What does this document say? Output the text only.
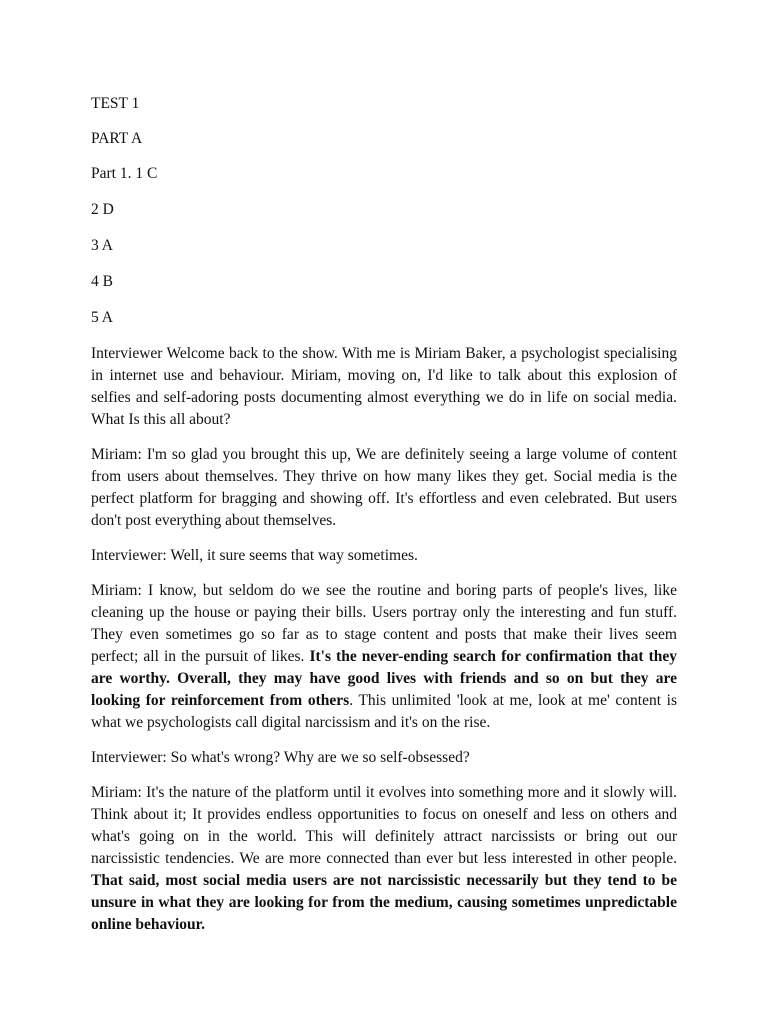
TEST 1

PART A

Part 1. 1 C

2 D

3 A

4 B

5 A

Interviewer Welcome back to the show. With me is Miriam Baker, a psychologist specialising in internet use and behaviour. Miriam, moving on, I'd like to talk about this explosion of selfies and self-adoring posts documenting almost everything we do in life on social media. What Is this all about?

Miriam: I'm so glad you brought this up, We are definitely seeing a large volume of content from users about themselves. They thrive on how many likes they get. Social media is the perfect platform for bragging and showing off. It's effortless and even celebrated. But users don't post everything about themselves.

Interviewer: Well, it sure seems that way sometimes.

Miriam: I know, but seldom do we see the routine and boring parts of people's lives, like cleaning up the house or paying their bills. Users portray only the interesting and fun stuff. They even sometimes go so far as to stage content and posts that make their lives seem perfect; all in the pursuit of likes. It's the never-ending search for confirmation that they are worthy. Overall, they may have good lives with friends and so on but they are looking for reinforcement from others. This unlimited 'look at me, look at me' content is what we psychologists call digital narcissism and it's on the rise.

Interviewer: So what's wrong? Why are we so self-obsessed?

Miriam: It's the nature of the platform until it evolves into something more and it slowly will. Think about it; It provides endless opportunities to focus on oneself and less on others and what's going on in the world. This will definitely attract narcissists or bring out our narcissistic tendencies. We are more connected than ever but less interested in other people. That said, most social media users are not narcissistic necessarily but they tend to be unsure in what they are looking for from the medium, causing sometimes unpredictable online behaviour.
